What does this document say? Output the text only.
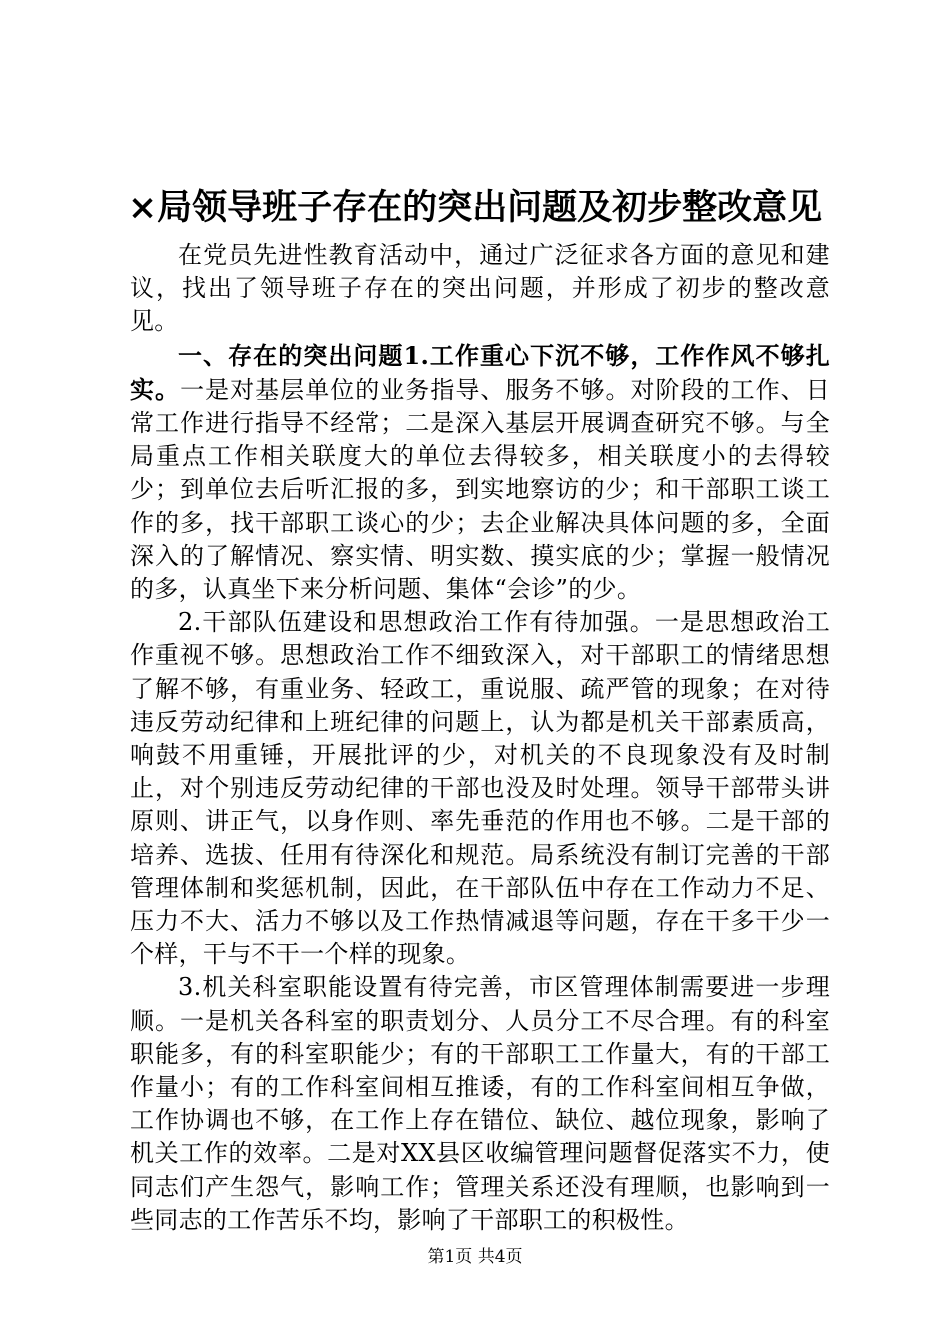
×局领导班子存在的突出问题及初步整改意见

在党员先进性教育活动中，通过广泛征求各方面的意见和建议，找出了领导班子存在的突出问题，并形成了初步的整改意见。

一、存在的突出问题1.工作重心下沉不够，工作作风不够扎实。一是对基层单位的业务指导、服务不够。对阶段的工作、日常工作进行指导不经常；二是深入基层开展调查研究不够。与全局重点工作相关联度大的单位去得较多，相关联度小的去得较少；到单位去后听汇报的多，到实地察访的少；和干部职工谈工作的多，找干部职工谈心的少；去企业解决具体问题的多，全面深入的了解情况、察实情、明实数、摸实底的少；掌握一般情况的多，认真坐下来分析问题、集体“会诊”的少。

2.干部队伍建设和思想政治工作有待加强。一是思想政治工作重视不够。思想政治工作不细致深入，对干部职工的情绪思想了解不够，有重业务、轻政工，重说服、疏严管的现象；在对待违反劳动纪律和上班纪律的问题上，认为都是机关干部素质高，响鼓不用重锤，开展批评的少，对机关的不良现象没有及时制止，对个别违反劳动纪律的干部也没及时处理。领导干部带头讲原则、讲正气，以身作则、率先垂范的作用也不够。二是干部的培养、选拔、任用有待深化和规范。局系统没有制订完善的干部管理体制和奖惩机制，因此，在干部队伍中存在工作动力不足、压力不大、活力不够以及工作热情减退等问题，存在干多干少一个样，干与不干一个样的现象。

3.机关科室职能设置有待完善，市区管理体制需要进一步理顺。一是机关各科室的职责划分、人员分工不尽合理。有的科室职能多，有的科室职能少；有的干部职工工作量大，有的干部工作量小；有的工作科室间相互推诿，有的工作科室间相互争做，工作协调也不够，在工作上存在错位、缺位、越位现象，影响了机关工作的效率。二是对XX县区收编管理问题督促落实不力，使同志们产生怨气，影响工作；管理关系还没有理顺，也影响到一些同志的工作苦乐不均，影响了干部职工的积极性。

第1页 共4页
